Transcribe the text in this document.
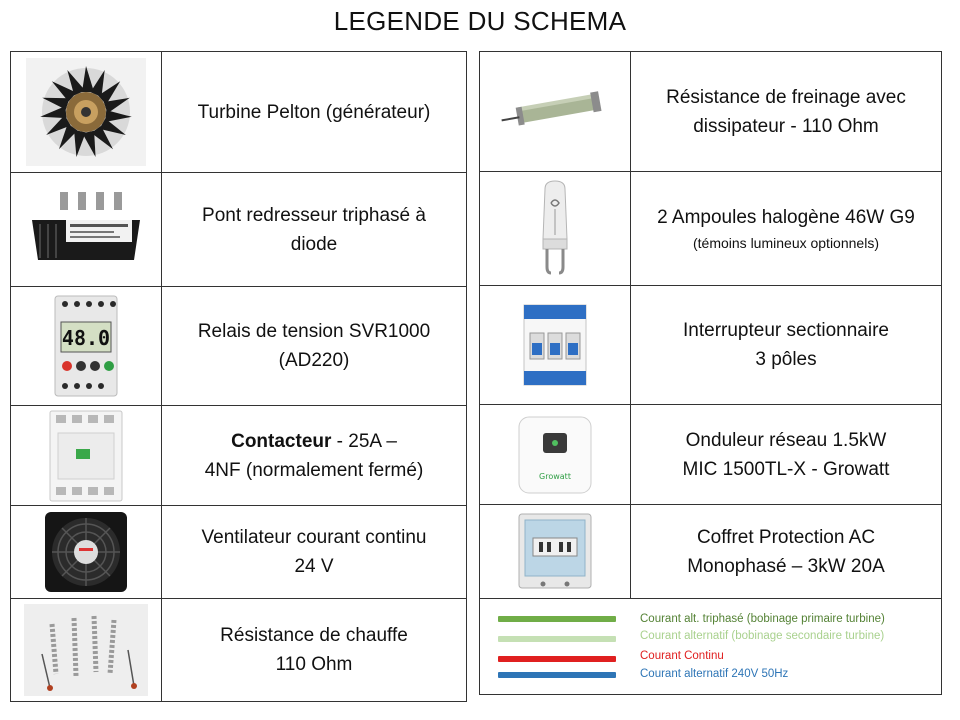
LEGENDE DU SCHEMA
	Turbine Pelton (générateur)

	Pont redresseur triphasé à
diode

48.0	Relais de tension SVR1000
(AD220)

	Contacteur - 25A –
4NF (normalement fermé)

	Ventilateur courant continu
24 V

	Résistance de chauffe
110 Ohm
	Résistance de freinage avec
dissipateur - 110 Ohm

	2 Ampoules halogène 46W G9

(témoins lumineux optionnels)

	Interrupteur sectionnaire
3 pôles

Growatt	Onduleur réseau 1.5kW
MIC 1500TL-X - Growatt

	Coffret Protection AC
Monophasé – 3kW 20A

Courant alt. triphasé (bobinage primaire turbine)
Courant alternatif (bobinage secondaire turbine)
Courant Continu
Courant alternatif 240V 50Hz	
